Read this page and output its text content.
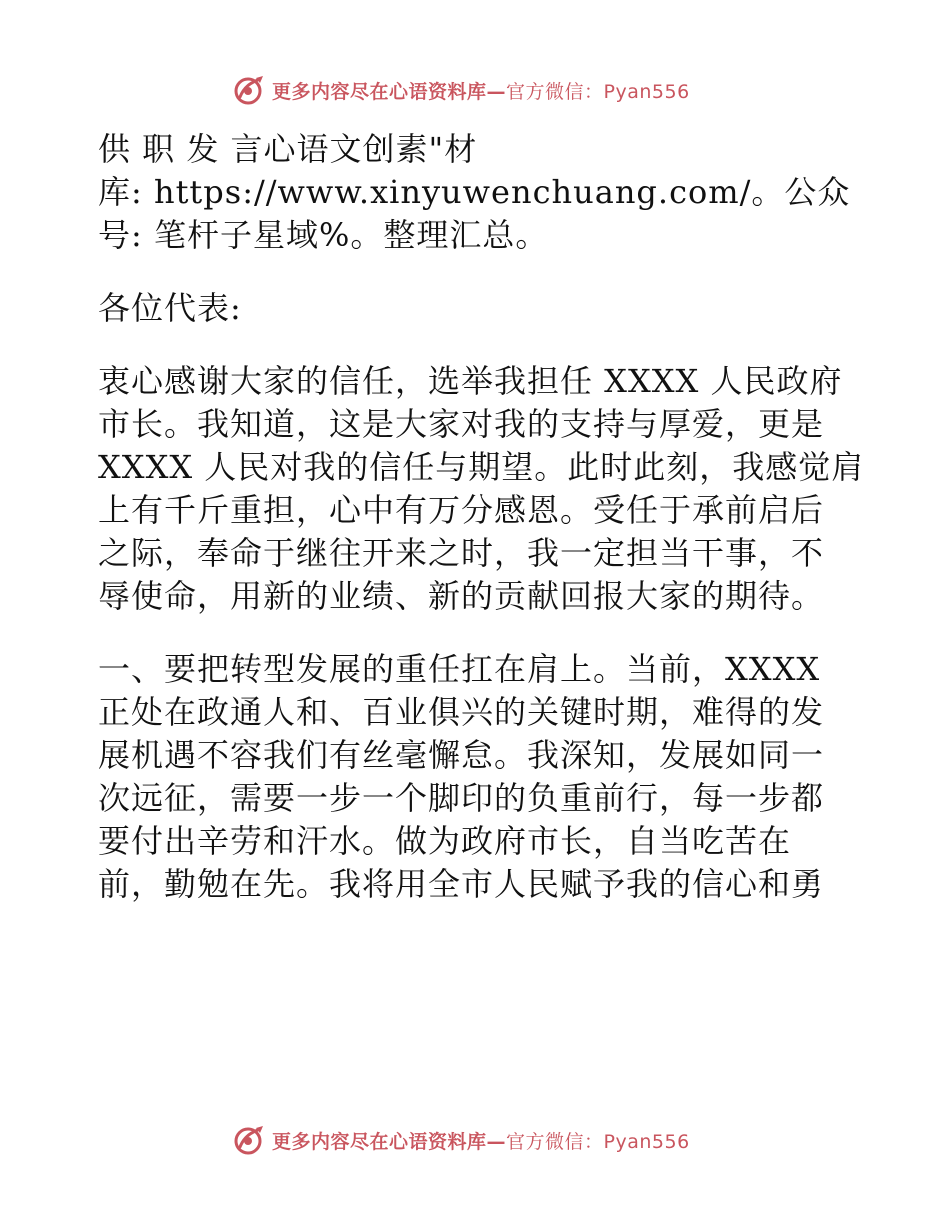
更多内容尽在心语资料库—官方微信：Pyan556
供 职 发 言心语文创素"材
库: https://www.xinyuwenchuang.com/。公众
号: 笔杆子星域%。整理汇总。
各位代表:
衷心感谢大家的信任，选举我担任 XXXX 人民政府
市长。我知道，这是大家对我的支持与厚爱，更是
XXXX 人民对我的信任与期望。此时此刻，我感觉肩
上有千斤重担，心中有万分感恩。受任于承前启后
之际，奉命于继往开来之时，我一定担当干事，不
辱使命，用新的业绩、新的贡献回报大家的期待。
一、要把转型发展的重任扛在肩上。当前，XXXX
正处在政通人和、百业俱兴的关键时期，难得的发
展机遇不容我们有丝毫懈怠。我深知，发展如同一
次远征，需要一步一个脚印的负重前行，每一步都
要付出辛劳和汗水。做为政府市长，自当吃苦在
前，勤勉在先。我将用全市人民赋予我的信心和勇
更多内容尽在心语资料库—官方微信：Pyan556
